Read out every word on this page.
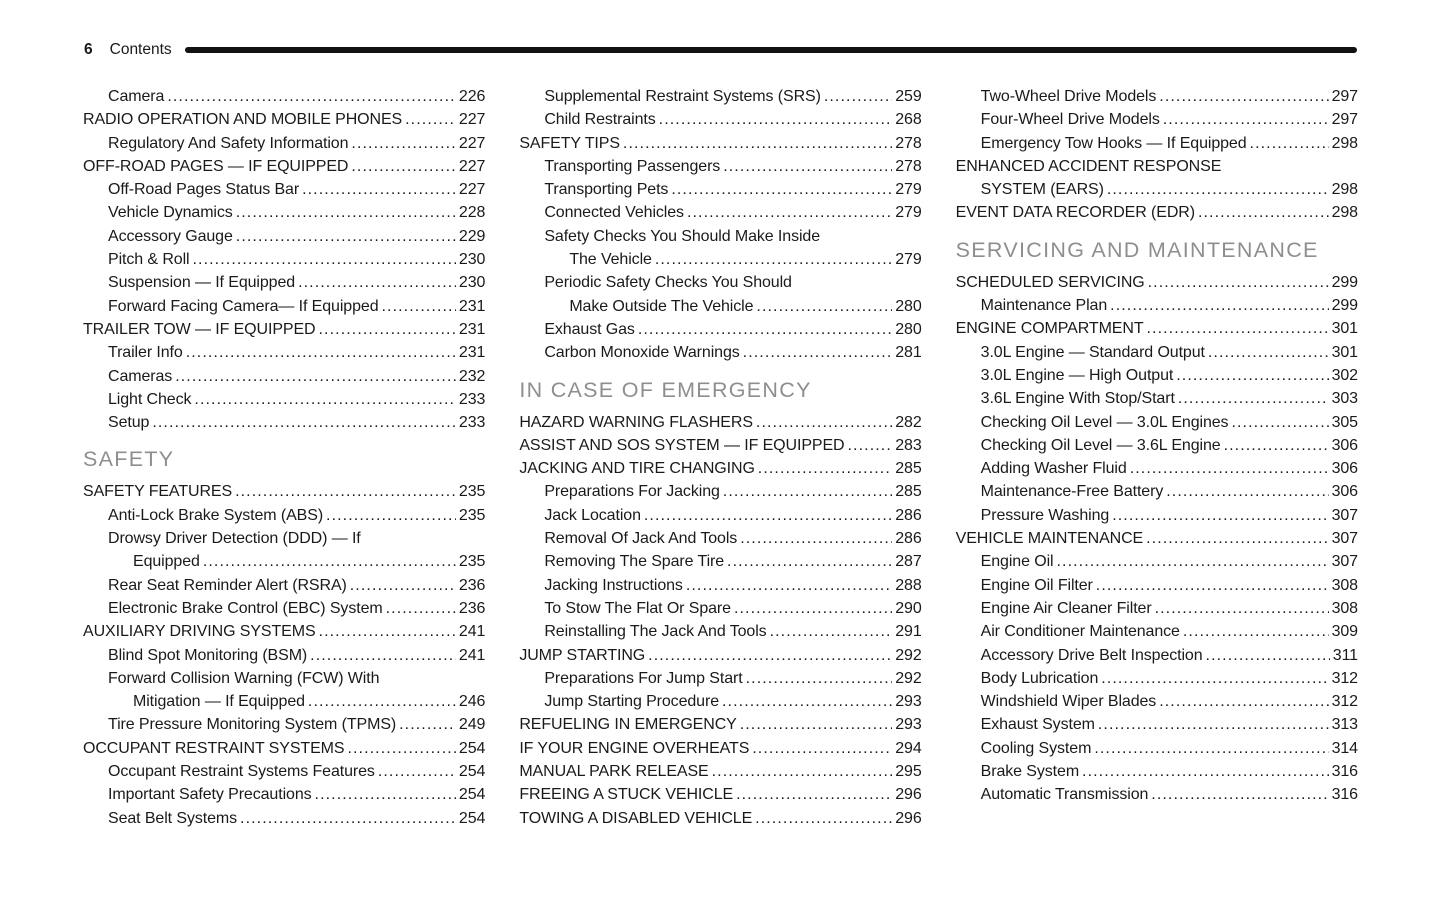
6 Contents
Camera .....	226
RADIO OPERATION AND MOBILE PHONES .....	227
Regulatory And Safety Information .....	227
OFF-ROAD PAGES — IF EQUIPPED .....	227
Off-Road Pages Status Bar .....	227
Vehicle Dynamics .....	228
Accessory Gauge .....	229
Pitch & Roll .....	230
Suspension — If Equipped .....	230
Forward Facing Camera— If Equipped .....	231
TRAILER TOW — IF EQUIPPED .....	231
Trailer Info .....	231
Cameras .....	232
Light Check .....	233
Setup .....	233
SAFETY
SAFETY FEATURES .....	235
Anti-Lock Brake System (ABS) .....	235
Drowsy Driver Detection (DDD) — If
Equipped .....	235
Rear Seat Reminder Alert (RSRA) .....	236
Electronic Brake Control (EBC) System .....	236
AUXILIARY DRIVING SYSTEMS .....	241
Blind Spot Monitoring (BSM) .....	241
Forward Collision Warning (FCW) With
Mitigation — If Equipped .....	246
Tire Pressure Monitoring System (TPMS) .....	249
OCCUPANT RESTRAINT SYSTEMS .....	254
Occupant Restraint Systems Features .....	254
Important Safety Precautions .....	254
Seat Belt Systems .....	254
Supplemental Restraint Systems (SRS) .....	259
Child Restraints .....	268
SAFETY TIPS .....	278
Transporting Passengers .....	278
Transporting Pets .....	279
Connected Vehicles .....	279
Safety Checks You Should Make Inside
The Vehicle .....	279
Periodic Safety Checks You Should
Make Outside The Vehicle .....	280
Exhaust Gas .....	280
Carbon Monoxide Warnings .....	281
IN CASE OF EMERGENCY
HAZARD WARNING FLASHERS .....	282
ASSIST AND SOS SYSTEM — IF EQUIPPED .....	283
JACKING AND TIRE CHANGING .....	285
Preparations For Jacking .....	285
Jack Location .....	286
Removal Of Jack And Tools .....	286
Removing The Spare Tire .....	287
Jacking Instructions .....	288
To Stow The Flat Or Spare .....	290
Reinstalling The Jack And Tools .....	291
JUMP STARTING .....	292
Preparations For Jump Start .....	292
Jump Starting Procedure .....	293
REFUELING IN EMERGENCY .....	293
IF YOUR ENGINE OVERHEATS .....	294
MANUAL PARK RELEASE .....	295
FREEING A STUCK VEHICLE .....	296
TOWING A DISABLED VEHICLE .....	296
Two-Wheel Drive Models .....	297
Four-Wheel Drive Models .....	297
Emergency Tow Hooks — If Equipped .....	298
ENHANCED ACCIDENT RESPONSE
SYSTEM (EARS) .....	298
EVENT DATA RECORDER (EDR) .....	298
SERVICING AND MAINTENANCE
SCHEDULED SERVICING .....	299
Maintenance Plan .....	299
ENGINE COMPARTMENT .....	301
3.0L Engine — Standard Output .....	301
3.0L Engine — High Output .....	302
3.6L Engine With Stop/Start .....	303
Checking Oil Level — 3.0L Engines .....	305
Checking Oil Level — 3.6L Engine .....	306
Adding Washer Fluid .....	306
Maintenance-Free Battery .....	306
Pressure Washing .....	307
VEHICLE MAINTENANCE .....	307
Engine Oil .....	307
Engine Oil Filter .....	308
Engine Air Cleaner Filter .....	308
Air Conditioner Maintenance .....	309
Accessory Drive Belt Inspection .....	311
Body Lubrication .....	312
Windshield Wiper Blades .....	312
Exhaust System .....	313
Cooling System .....	314
Brake System .....	316
Automatic Transmission .....	316
